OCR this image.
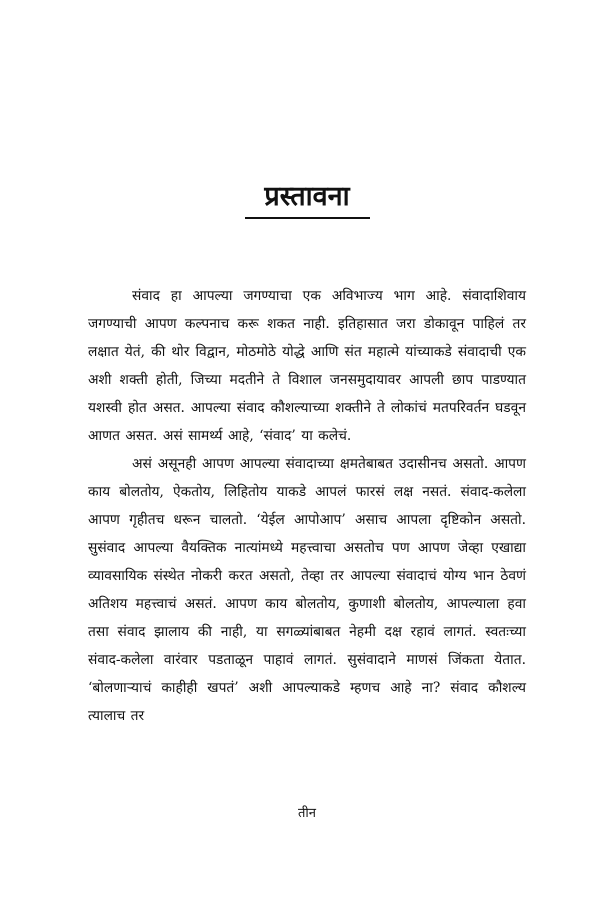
प्रस्तावना

संवाद हा आपल्या जगण्याचा एक अविभाज्य भाग आहे. संवादाशिवाय जगण्याची आपण कल्पनाच करू शकत नाही. इतिहासात जरा डोकावून पाहिलं तर लक्षात येतं, की थोर विद्वान, मोठमोठे योद्धे आणि संत महात्मे यांच्याकडे संवादाची एक अशी शक्ती होती, जिच्या मदतीने ते विशाल जनसमुदायावर आपली छाप पाडण्यात यशस्वी होत असत. आपल्या संवाद कौशल्याच्या शक्तीने ते लोकांचं मतपरिवर्तन घडवून आणत असत. असं सामर्थ्य आहे, ‘संवाद’ या कलेचं.

असं असूनही आपण आपल्या संवादाच्या क्षमतेबाबत उदासीनच असतो. आपण काय बोलतोय, ऐकतोय, लिहितोय याकडे आपलं फारसं लक्ष नसतं. संवाद-कलेला आपण गृहीतच धरून चालतो. ‘येईल आपोआप’ असाच आपला दृष्टिकोन असतो. सुसंवाद आपल्या वैयक्तिक नात्यांमध्ये महत्त्वाचा असतोच पण आपण जेव्हा एखाद्या व्यावसायिक संस्थेत नोकरी करत असतो, तेव्हा तर आपल्या संवादाचं योग्य भान ठेवणं अतिशय महत्त्वाचं असतं. आपण काय बोलतोय, कुणाशी बोलतोय, आपल्याला हवा तसा संवाद झालाय की नाही, या सगळ्यांबाबत नेहमी दक्ष रहावं लागतं. स्वतःच्या संवाद-कलेला वारंवार पडताळून पाहावं लागतं. सुसंवादाने माणसं जिंकता येतात. ‘बोलणाऱ्याचं काहीही खपतं’ अशी आपल्याकडे म्हणच आहे ना? संवाद कौशल्य त्यालाच तर

तीन
